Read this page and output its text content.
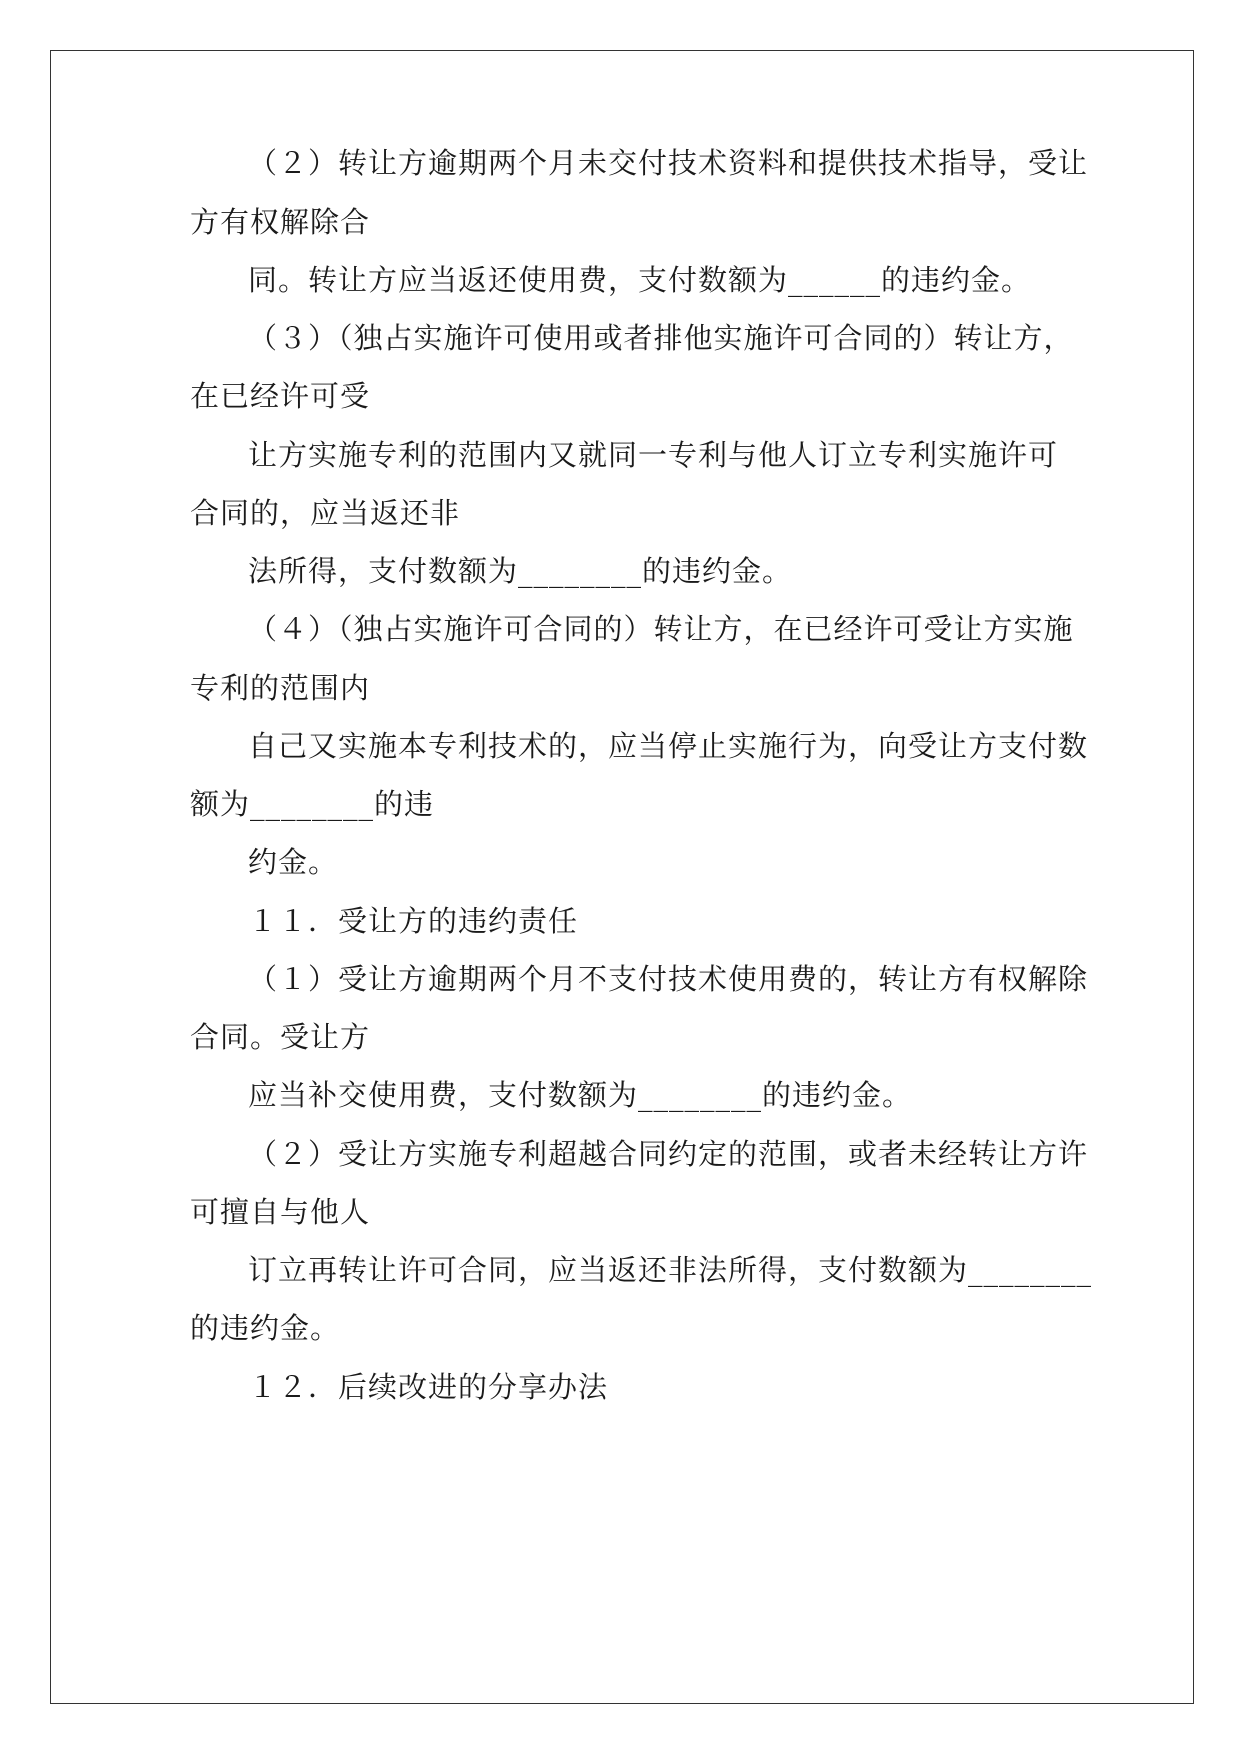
（２）转让方逾期两个月未交付技术资料和提供技术指导，受让
方有权解除合
同。转让方应当返还使用费，支付数额为______的违约金。
（３）（独占实施许可使用或者排他实施许可合同的）转让方，
在已经许可受
让方实施专利的范围内又就同一专利与他人订立专利实施许可
合同的，应当返还非
法所得，支付数额为________的违约金。
（４）（独占实施许可合同的）转让方，在已经许可受让方实施
专利的范围内
自己又实施本专利技术的，应当停止实施行为，向受让方支付数
额为________的违
约金。
１１．受让方的违约责任
（１）受让方逾期两个月不支付技术使用费的，转让方有权解除
合同。受让方
应当补交使用费，支付数额为________的违约金。
（２）受让方实施专利超越合同约定的范围，或者未经转让方许
可擅自与他人
订立再转让许可合同，应当返还非法所得，支付数额为________
的违约金。
１２．后续改进的分享办法
